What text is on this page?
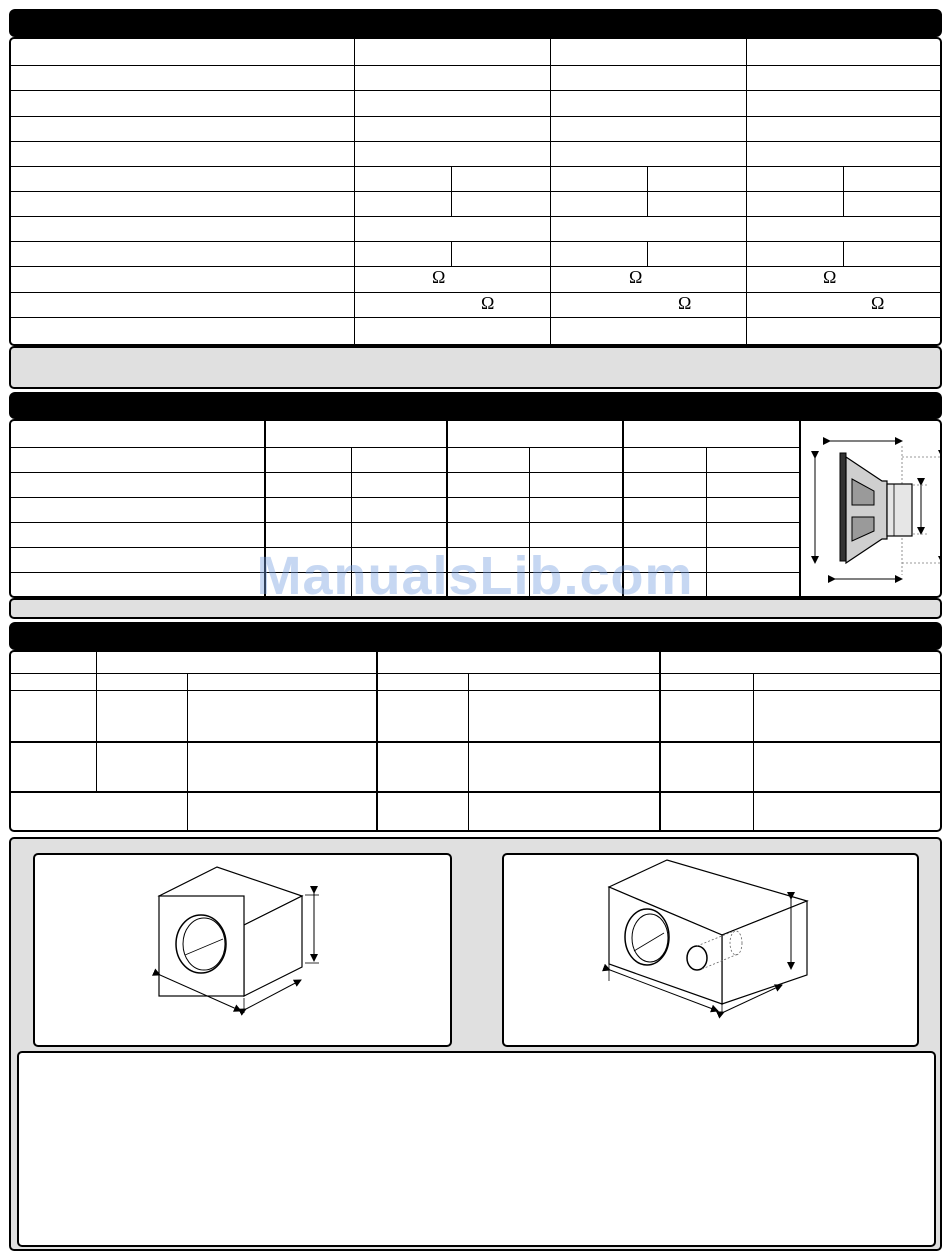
Ω	Ω	Ω
Ω	Ω	Ω
ManualsLib.com
